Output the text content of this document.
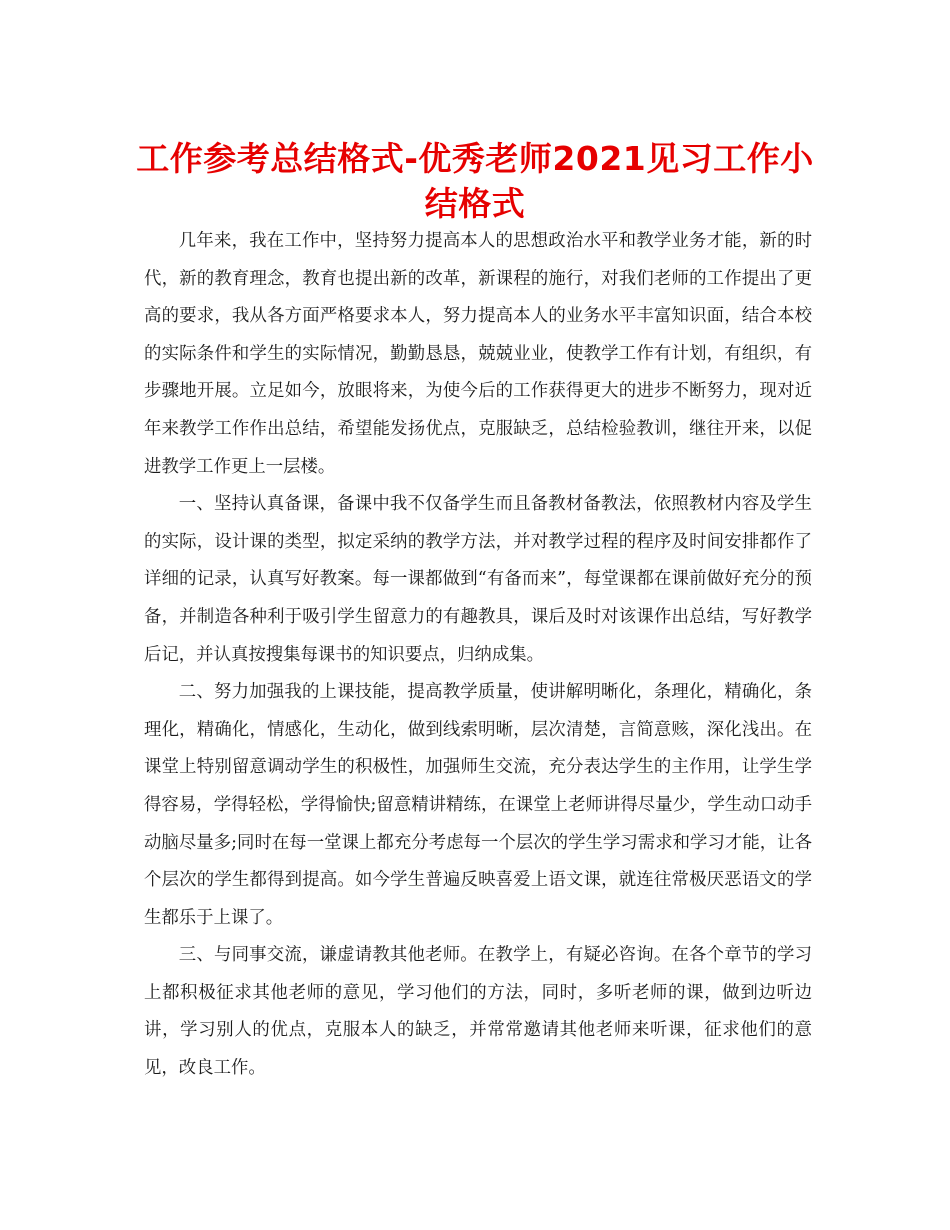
工作参考总结格式-优秀老师2021见习工作小结格式

几年来，我在工作中，坚持努力提高本人的思想政治水平和教学业务才能，新的时代，新的教育理念，教育也提出新的改革，新课程的施行，对我们老师的工作提出了更高的要求，我从各方面严格要求本人，努力提高本人的业务水平丰富知识面，结合本校的实际条件和学生的实际情况，勤勤恳恳，兢兢业业，使教学工作有计划，有组织，有步骤地开展。立足如今，放眼将来，为使今后的工作获得更大的进步不断努力，现对近年来教学工作作出总结，希望能发扬优点，克服缺乏，总结检验教训，继往开来，以促进教学工作更上一层楼。

一、坚持认真备课，备课中我不仅备学生而且备教材备教法，依照教材内容及学生的实际，设计课的类型，拟定采纳的教学方法，并对教学过程的程序及时间安排都作了详细的记录，认真写好教案。每一课都做到“有备而来”，每堂课都在课前做好充分的预备，并制造各种利于吸引学生留意力的有趣教具，课后及时对该课作出总结，写好教学后记，并认真按搜集每课书的知识要点，归纳成集。

二、努力加强我的上课技能，提高教学质量，使讲解明晰化，条理化，精确化，条理化，精确化，情感化，生动化，做到线索明晰，层次清楚，言简意赅，深化浅出。在课堂上特别留意调动学生的积极性，加强师生交流，充分表达学生的主作用，让学生学得容易，学得轻松，学得愉快;留意精讲精练，在课堂上老师讲得尽量少，学生动口动手动脑尽量多;同时在每一堂课上都充分考虑每一个层次的学生学习需求和学习才能，让各个层次的学生都得到提高。如今学生普遍反映喜爱上语文课，就连往常极厌恶语文的学生都乐于上课了。

三、与同事交流，谦虚请教其他老师。在教学上，有疑必咨询。在各个章节的学习上都积极征求其他老师的意见，学习他们的方法，同时，多听老师的课，做到边听边讲，学习别人的优点，克服本人的缺乏，并常常邀请其他老师来听课，征求他们的意见，改良工作。
